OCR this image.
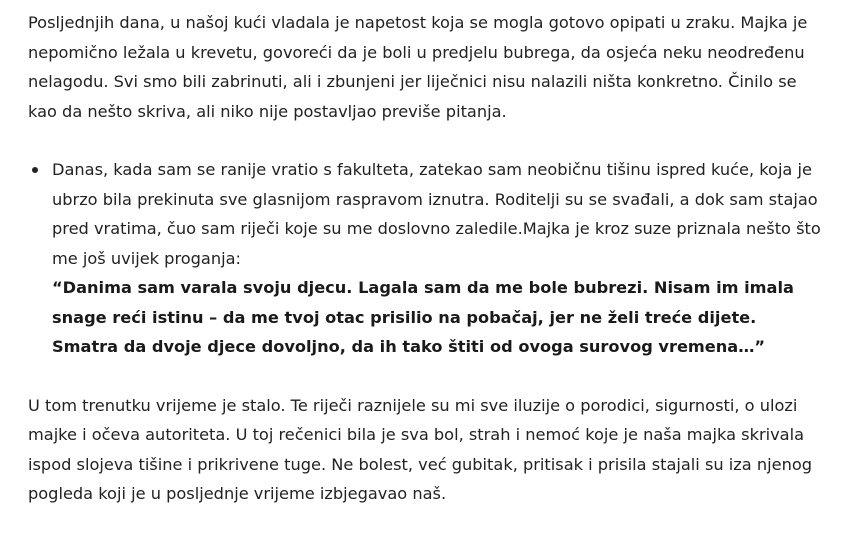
Posljednjih dana, u našoj kući vladala je napetost koja se mogla gotovo opipati u zraku. Majka je nepomično ležala u krevetu, govoreći da je boli u predjelu bubrega, da osjeća neku neodređenu nelagodu. Svi smo bili zabrinuti, ali i zbunjeni jer liječnici nisu nalazili ništa konkretno. Činilo se kao da nešto skriva, ali niko nije postavljao previše pitanja.

Danas, kada sam se ranije vratio s fakulteta, zatekao sam neobičnu tišinu ispred kuće, koja je ubrzo bila prekinuta sve glasnijom raspravom iznutra. Roditelji su se svađali, a dok sam stajao pred vratima, čuo sam riječi koje su me doslovno zaledile.Majka je kroz suze priznala nešto što me još uvijek proganja:
“Danima sam varala svoju djecu. Lagala sam da me bole bubrezi. Nisam im imala snage reći istinu – da me tvoj otac prisilio na pobačaj, jer ne želi treće dijete. Smatra da dvoje djece dovoljno, da ih tako štiti od ovoga surovog vremena…”

U tom trenutku vrijeme je stalo. Te riječi raznijele su mi sve iluzije o porodici, sigurnosti, o ulozi majke i očeva autoriteta. U toj rečenici bila je sva bol, strah i nemoć koje je naša majka skrivala ispod slojeva tišine i prikrivene tuge. Ne bolest, već gubitak, pritisak i prisila stajali su iza njenog pogleda koji je u posljednje vrijeme izbjegavao naš.
